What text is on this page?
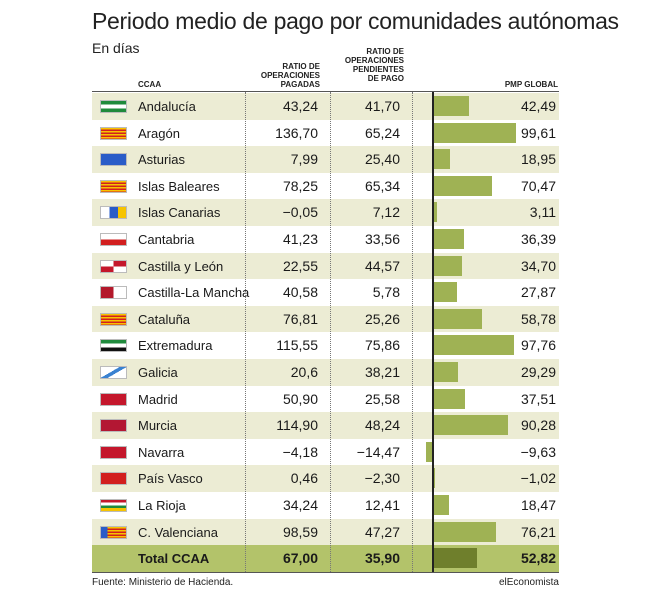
Periodo medio de pago por comunidades autónomas
En días
CCAA
RATIO DE
OPERACIONES
PAGADAS
RATIO DE
OPERACIONES
PENDIENTES
DE PAGO
PMP GLOBAL
Andalucía	43,24	41,70	42,49
Aragón	136,70	65,24	99,61
Asturias	7,99	25,40	18,95
Islas Baleares	78,25	65,34	70,47
Islas Canarias	−0,05	7,12	3,11
Cantabria	41,23	33,56	36,39
Castilla y León	22,55	44,57	34,70
Castilla-La Mancha	40,58	5,78	27,87
Cataluña	76,81	25,26	58,78
Extremadura	115,55	75,86	97,76
Galicia	20,6	38,21	29,29
Madrid	50,90	25,58	37,51
Murcia	114,90	48,24	90,28
Navarra	−4,18	−14,47	−9,63
País Vasco	0,46	−2,30	−1,02
La Rioja	34,24	12,41	18,47
C. Valenciana	98,59	47,27	76,21
Total CCAA	67,00	35,90	52,82
Fuente: Ministerio de Hacienda.	elEconomista
